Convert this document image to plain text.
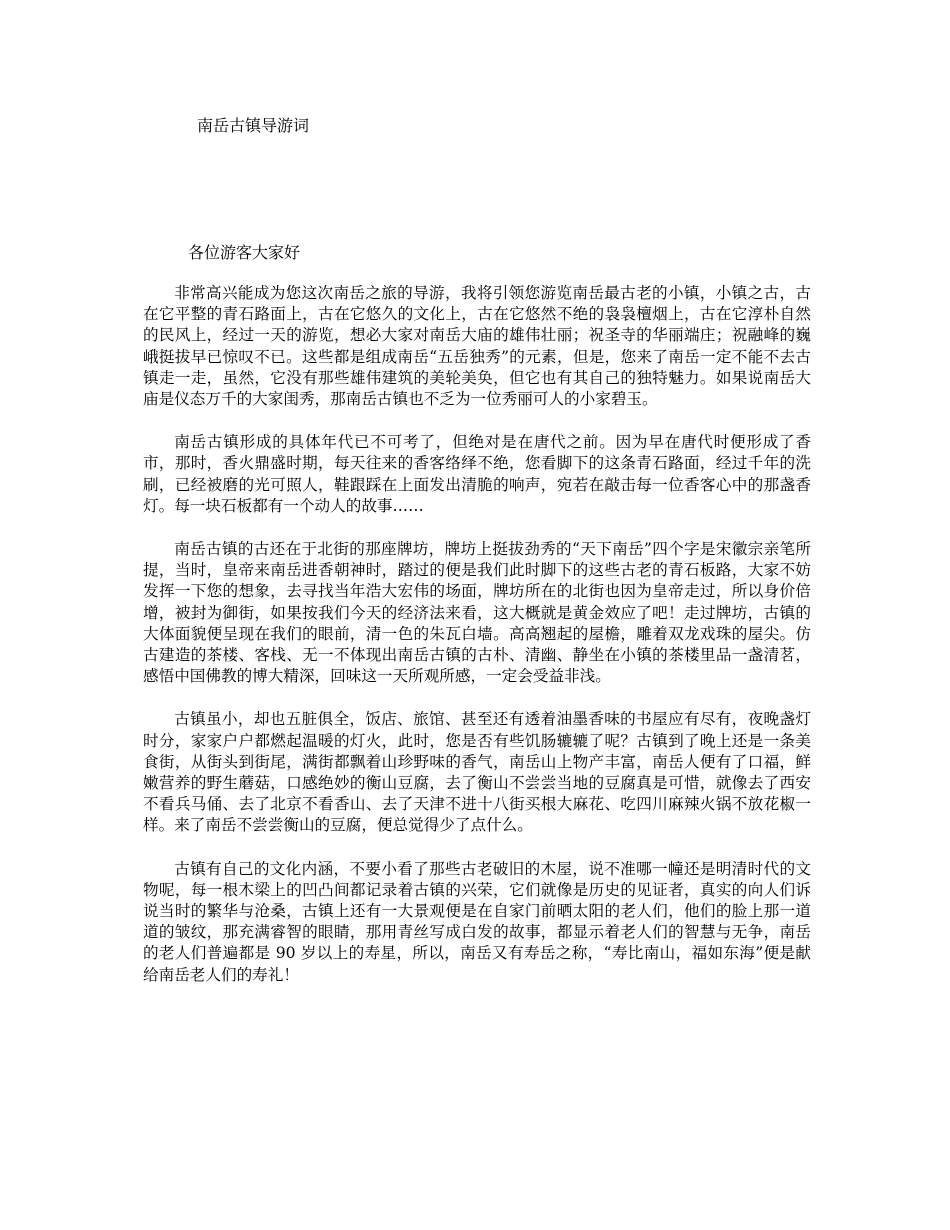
南岳古镇导游词
各位游客大家好

非常高兴能成为您这次南岳之旅的导游，我将引领您游览南岳最古老的小镇，小镇之古，古在它平整的青石路面上，古在它悠久的文化上，古在它悠然不绝的袅袅檀烟上，古在它淳朴自然的民风上，经过一天的游览，想必大家对南岳大庙的雄伟壮丽；祝圣寺的华丽端庄；祝融峰的巍峨挺拔早已惊叹不已。这些都是组成南岳“五岳独秀”的元素，但是，您来了南岳一定不能不去古镇走一走，虽然，它没有那些雄伟建筑的美轮美奂，但它也有其自己的独特魅力。如果说南岳大庙是仪态万千的大家闺秀，那南岳古镇也不乏为一位秀丽可人的小家碧玉。

南岳古镇形成的具体年代已不可考了，但绝对是在唐代之前。因为早在唐代时便形成了香市，那时，香火鼎盛时期，每天往来的香客络绎不绝，您看脚下的这条青石路面，经过千年的洗刷，已经被磨的光可照人，鞋跟踩在上面发出清脆的响声，宛若在敲击每一位香客心中的那盏香灯。每一块石板都有一个动人的故事……

南岳古镇的古还在于北街的那座牌坊，牌坊上挺拔劲秀的“天下南岳”四个字是宋徽宗亲笔所提，当时，皇帝来南岳进香朝神时，踏过的便是我们此时脚下的这些古老的青石板路，大家不妨发挥一下您的想象，去寻找当年浩大宏伟的场面，牌坊所在的北街也因为皇帝走过，所以身价倍增，被封为御街，如果按我们今天的经济法来看，这大概就是黄金效应了吧！走过牌坊，古镇的大体面貌便呈现在我们的眼前，清一色的朱瓦白墙。高高翘起的屋檐，雕着双龙戏珠的屋尖。仿古建造的茶楼、客栈、无一不体现出南岳古镇的古朴、清幽、静坐在小镇的茶楼里品一盏清茗，感悟中国佛教的博大精深，回味这一天所观所感，一定会受益非浅。

古镇虽小，却也五脏俱全，饭店、旅馆、甚至还有透着油墨香味的书屋应有尽有，夜晚盏灯时分，家家户户都燃起温暖的灯火，此时，您是否有些饥肠辘辘了呢？古镇到了晚上还是一条美食街，从街头到街尾，满街都飘着山珍野味的香气，南岳山上物产丰富，南岳人便有了口福，鲜嫩营养的野生蘑菇，口感绝妙的衡山豆腐，去了衡山不尝尝当地的豆腐真是可惜，就像去了西安不看兵马俑、去了北京不看香山、去了天津不进十八街买根大麻花、吃四川麻辣火锅不放花椒一样。来了南岳不尝尝衡山的豆腐，便总觉得少了点什么。

古镇有自己的文化内涵，不要小看了那些古老破旧的木屋，说不准哪一幢还是明清时代的文物呢，每一根木梁上的凹凸间都记录着古镇的兴荣，它们就像是历史的见证者，真实的向人们诉说当时的繁华与沧桑，古镇上还有一大景观便是在自家门前晒太阳的老人们，他们的脸上那一道道的皱纹，那充满睿智的眼睛，那用青丝写成白发的故事，都显示着老人们的智慧与无争，南岳的老人们普遍都是 90 岁以上的寿星，所以，南岳又有寿岳之称，“寿比南山，福如东海”便是献给南岳老人们的寿礼！
